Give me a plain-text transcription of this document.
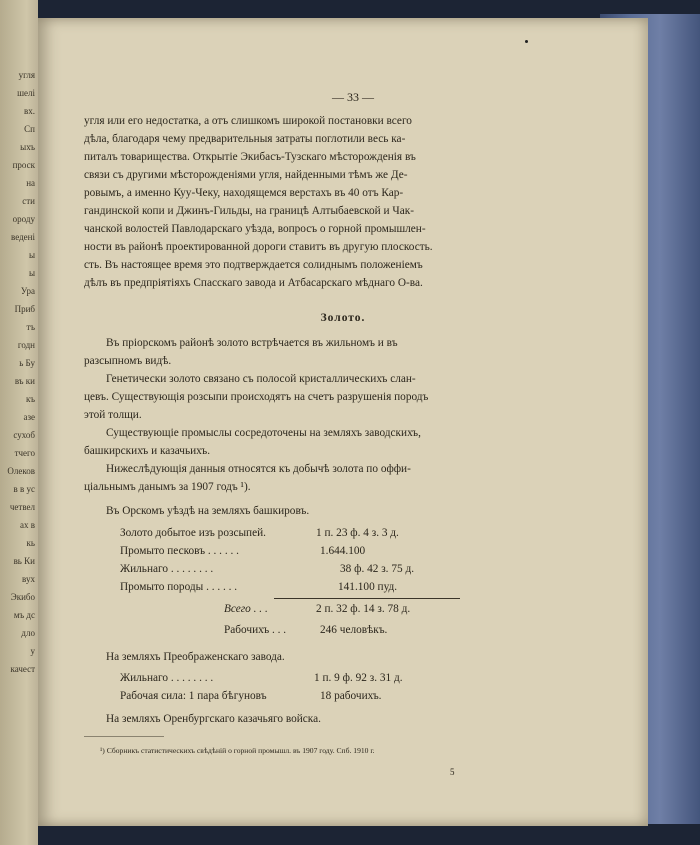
угля
шелі
вх.
Сп
ыхъ
проск
на
сти
ороду
ведені
ы
ы
Ура
Приб
тъ
годн
ь Бу
въ ки
къ
азе
сухоб
тчего
Олеков
в в ус
четвел
ах в
кь
вь Ки
вух
Экибо
мъ дс
дло
у
качест
— 33 —
угля или его недостатка, а отъ слишкомъ широкой постановки всего
дѣла, благодаря чему предварительныя затраты поглотили весь ка-
питалъ товарищества. Открытіе Экибасъ-Тузскаго мѣсторожденія въ
связи съ другими мѣсторожденіями угля, найденными тѣмъ же Де-
ровымъ, а именно Куу-Чеку, находящемся верстахъ въ 40 отъ Кар-
гандинской копи и Джинъ-Гильды, на границѣ Алтыбаевской и Чак-
чанской волостей Павлодарскаго уѣзда, вопросъ о горной промышлен-
ности въ районѣ проектированной дороги ставитъ въ другую плоскость.
сть. Въ настоящее время это подтверждается солиднымъ положеніемъ
дѣлъ въ предпріятіяхъ Спасскаго завода и Атбасарскаго мѣднаго О-ва.
Золото.
Въ пріорскомъ районѣ золото встрѣчается въ жильномъ и въ
разсыпномъ видѣ.
Генетически золото связано съ полосой кристаллическихъ слан-
цевъ. Существующія розсыпи происходятъ на счетъ разрушенія породъ
этой толщи.
Существующіе промыслы сосредоточены на земляхъ заводскихъ,
башкирскихъ и казачьихъ.
Нижеслѣдующія данныя относятся къ добычѣ золота по оффи-
ціальнымъ данымъ за 1907 годъ ¹).
Въ Орскомъ уѣздѣ на земляхъ башкировъ.
Золото добытое изъ розсыпей.	1 п. 23 ф. 4 з. 3 д.
Промыто песковъ . . . . . .	1.644.100
Жильнаго . . . . . . . .	38 ф. 42 з. 75 д.
Промыто породы . . . . . .	141.100 пуд.
Всего . . .	2 п. 32 ф. 14 з. 78 д.
Рабочихъ . . .	246 человѣкъ.
На земляхъ Преображенскаго завода.
Жильнаго . . . . . . . .	1 п. 9 ф. 92 з. 31 д.
Рабочая сила: 1 пара бѣгуновъ	18 рабочихъ.
На земляхъ Оренбургскаго казачьяго войска.
¹) Сборникъ статистическихъ свѣдѣній о горной промышл. въ 1907 году. Спб. 1910 г.
5
